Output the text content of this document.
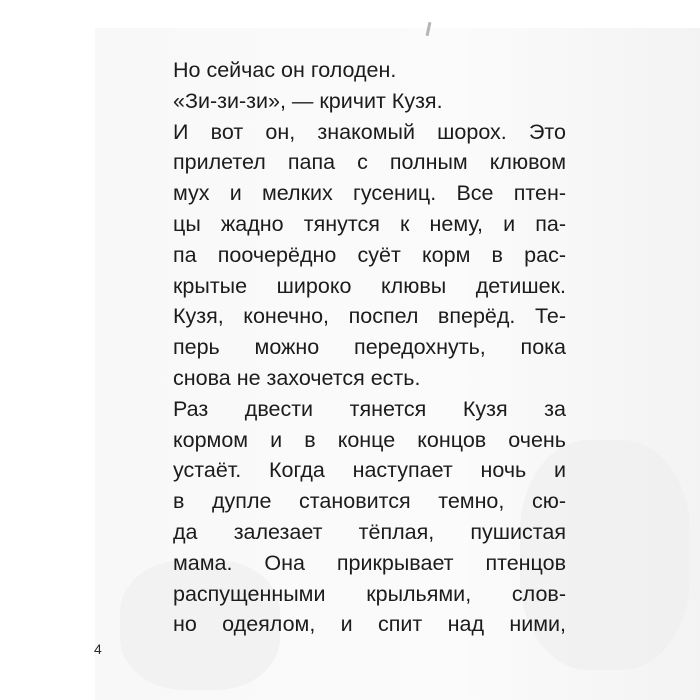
Но сейчас он голоден.
«Зи-зи-зи», — кричит Кузя.
И вот он, знакомый шорох. Это
прилетел папа с полным клювом
мух и мелких гусениц. Все птен-
цы жадно тянутся к нему, и па-
па поочерёдно суёт корм в рас-
крытые широко клювы детишек.
Кузя, конечно, поспел вперёд. Те-
перь можно передохнуть, пока
снова не захочется есть.
Раз двести тянется Кузя за
кормом и в конце концов очень
устаёт. Когда наступает ночь и
в дупле становится темно, сю-
да залезает тёплая, пушистая
мама. Она прикрывает птенцов
распущенными крыльями, слов-
но одеялом, и спит над ними,
4
